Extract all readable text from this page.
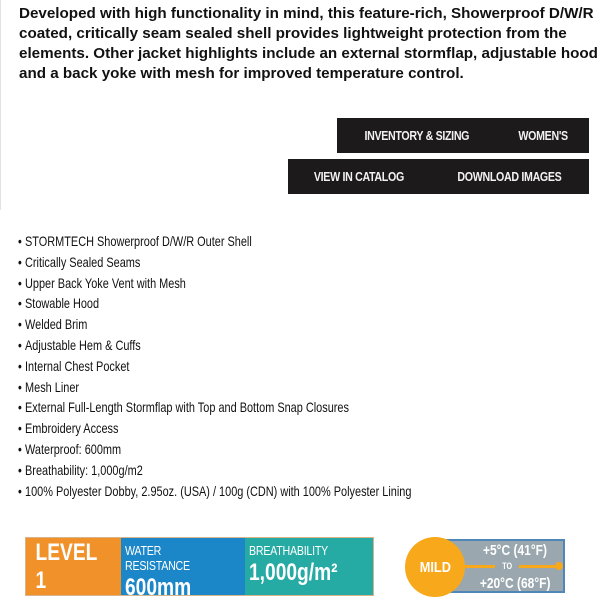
Developed with high functionality in mind, this feature-rich, Showerproof D/W/R coated, critically seam sealed shell provides lightweight protection from the elements. Other jacket highlights include an external stormflap, adjustable hood and a back yoke with mesh for improved temperature control.

INVENTORY & SIZING	WOMEN'S
VIEW IN CATALOG	DOWNLOAD IMAGES
• STORMTECH Showerproof D/W/R Outer Shell
• Critically Sealed Seams
• Upper Back Yoke Vent with Mesh
• Stowable Hood
• Welded Brim
• Adjustable Hem & Cuffs
• Internal Chest Pocket
• Mesh Liner
• External Full-Length Stormflap with Top and Bottom Snap Closures
• Embroidery Access
• Waterproof: 600mm
• Breathability: 1,000g/m2
• 100% Polyester Dobby, 2.95oz. (USA) / 100g (CDN) with 100% Polyester Lining
LEVEL 1
WATER RESISTANCE
600mm
BREATHABILITY
1,000g/m²	MILD
+5°C (41°F)
TO
+20°C (68°F)
